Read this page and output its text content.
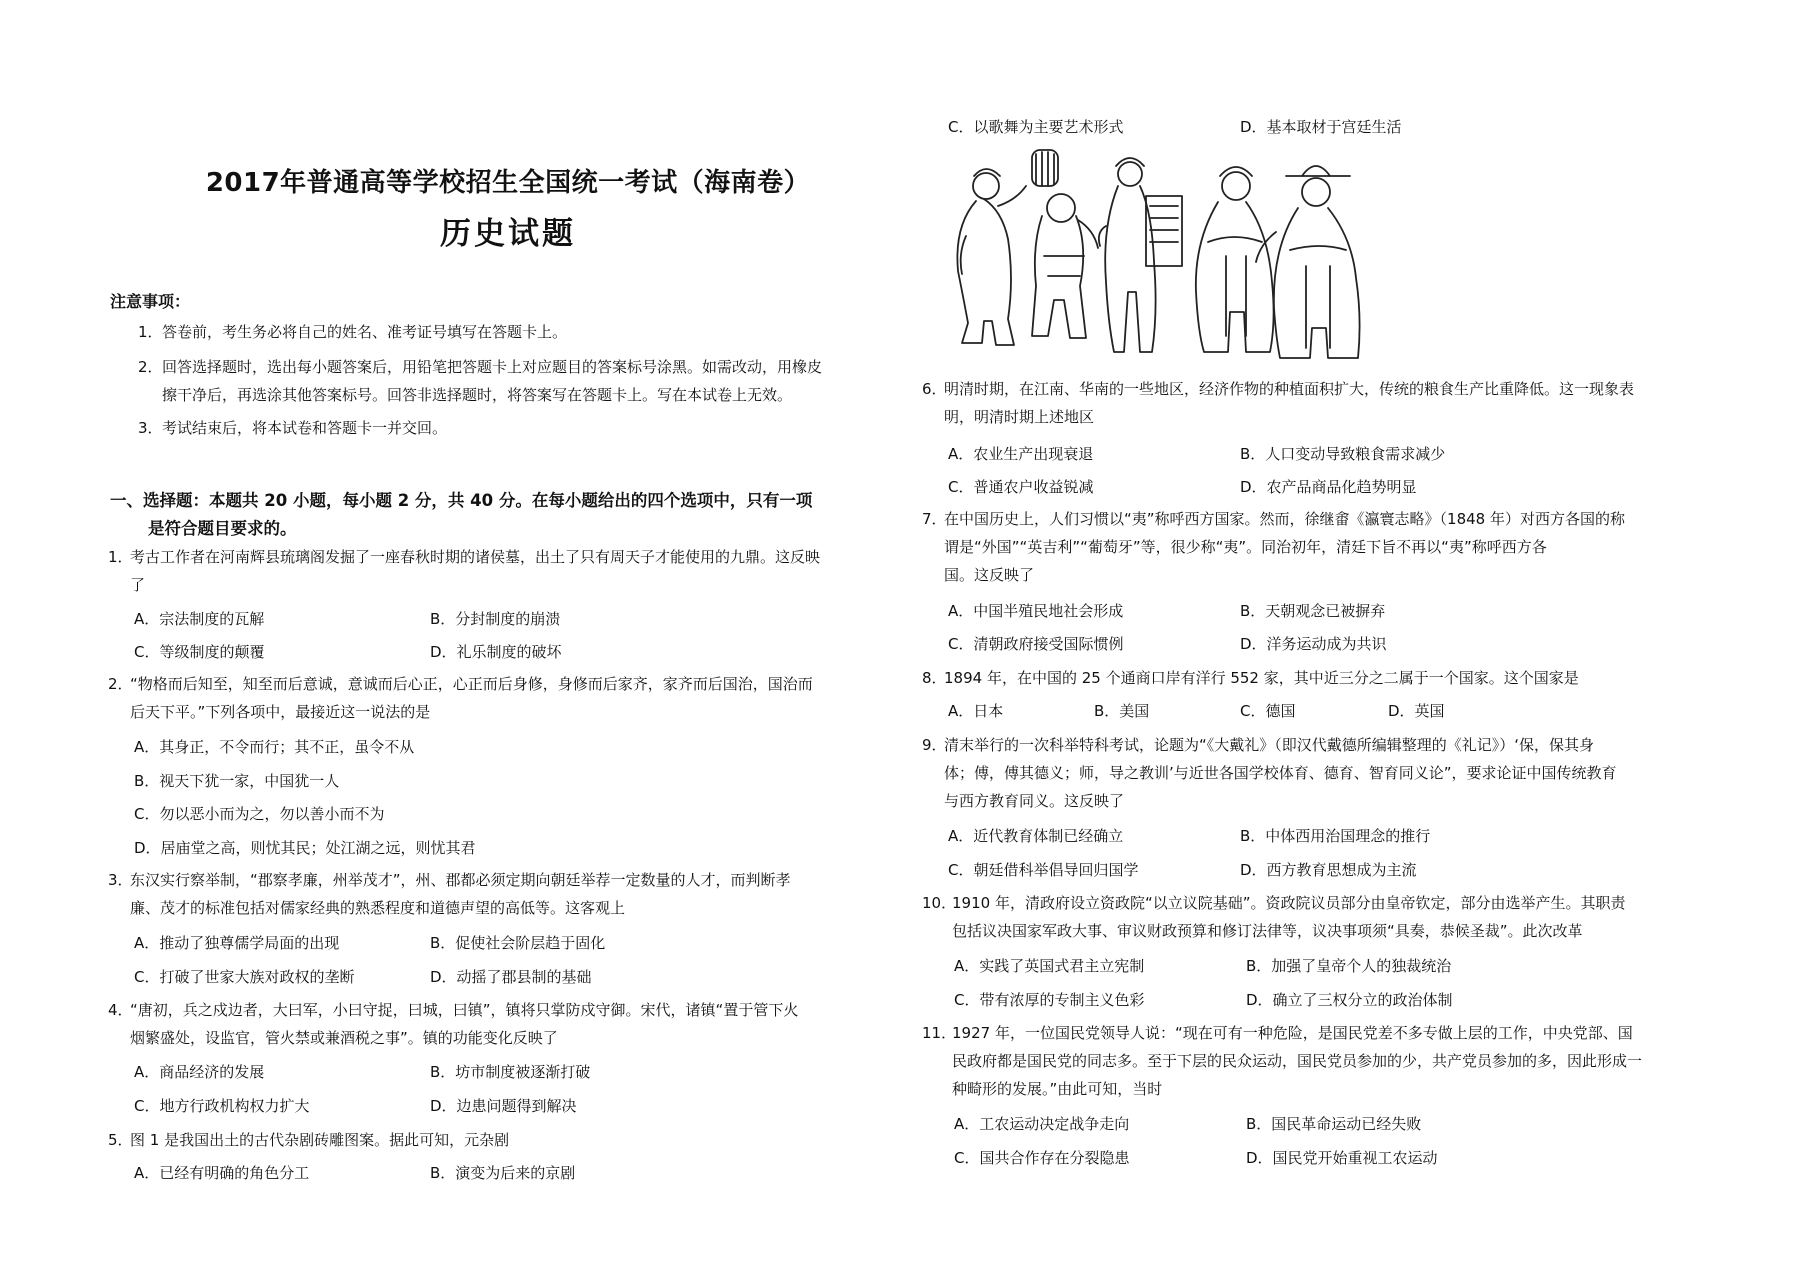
2017年普通高等学校招生全国统一考试（海南卷）
历史试题
注意事项：
1．答卷前，考生务必将自己的姓名、准考证号填写在答题卡上。
2．回答选择题时，选出每小题答案后，用铅笔把答题卡上对应题目的答案标号涂黑。如需改动，用橡皮
擦干净后，再选涂其他答案标号。回答非选择题时，将答案写在答题卡上。写在本试卷上无效。
3．考试结束后，将本试卷和答题卡一并交回。
一、选择题：本题共 20 小题，每小题 2 分，共 40 分。在每小题给出的四个选项中，只有一项
是符合题目要求的。
1．
考古工作者在河南辉县琉璃阁发掘了一座春秋时期的诸侯墓，出土了只有周天子才能使用的九鼎。这反映
了
A．宗法制度的瓦解	B．分封制度的崩溃
C．等级制度的颠覆	D．礼乐制度的破坏
2．
“物格而后知至，知至而后意诚，意诚而后心正，心正而后身修，身修而后家齐，家齐而后国治，国治而
后天下平。”下列各项中，最接近这一说法的是
A．其身正，不令而行；其不正，虽令不从
B．视天下犹一家，中国犹一人
C．勿以恶小而为之，勿以善小而不为
D．居庙堂之高，则忧其民；处江湖之远，则忧其君
3．
东汉实行察举制，“郡察孝廉，州举茂才”，州、郡都必须定期向朝廷举荐一定数量的人才，而判断孝
廉、茂才的标准包括对儒家经典的熟悉程度和道德声望的高低等。这客观上
A．推动了独尊儒学局面的出现	B．促使社会阶层趋于固化
C．打破了世家大族对政权的垄断	D．动摇了郡县制的基础
4．
“唐初，兵之戍边者，大曰军，小曰守捉，曰城，曰镇”，镇将只掌防戍守御。宋代，诸镇“置于管下火
烟繁盛处，设监官，管火禁或兼酒税之事”。镇的功能变化反映了
A．商品经济的发展	B．坊市制度被逐渐打破
C．地方行政机构权力扩大	D．边患问题得到解决
5．
图 1 是我国出土的古代杂剧砖雕图案。据此可知，元杂剧
A．已经有明确的角色分工	B．演变为后来的京剧
C．以歌舞为主要艺术形式	D．基本取材于宫廷生活
6．
明清时期，在江南、华南的一些地区，经济作物的种植面积扩大，传统的粮食生产比重降低。这一现象表
明，明清时期上述地区
A．农业生产出现衰退	B．人口变动导致粮食需求减少
C．普通农户收益锐减	D．农产品商品化趋势明显
7．
在中国历史上，人们习惯以“夷”称呼西方国家。然而，徐继畬《瀛寰志略》（1848 年）对西方各国的称
谓是“外国”“英吉利”“葡萄牙”等，很少称“夷”。同治初年，清廷下旨不再以“夷”称呼西方各
国。这反映了
A．中国半殖民地社会形成	B．天朝观念已被摒弃
C．清朝政府接受国际惯例	D．洋务运动成为共识
8．
1894 年，在中国的 25 个通商口岸有洋行 552 家，其中近三分之二属于一个国家。这个国家是
A．日本	B．美国	C．德国	D．英国
9．
清末举行的一次科举特科考试，论题为“《大戴礼》（即汉代戴德所编辑整理的《礼记》）‘保，保其身
体；傅，傅其德义；师，导之教训’与近世各国学校体育、德育、智育同义论”，要求论证中国传统教育
与西方教育同义。这反映了
A．近代教育体制已经确立	B．中体西用治国理念的推行
C．朝廷借科举倡导回归国学	D．西方教育思想成为主流
10．
1910 年，清政府设立资政院“以立议院基础”。资政院议员部分由皇帝钦定，部分由选举产生。其职责
包括议决国家军政大事、审议财政预算和修订法律等，议决事项须“具奏，恭候圣裁”。此次改革
A．实践了英国式君主立宪制	B．加强了皇帝个人的独裁统治
C．带有浓厚的专制主义色彩	D．确立了三权分立的政治体制
11．
1927 年，一位国民党领导人说：“现在可有一种危险，是国民党差不多专做上层的工作，中央党部、国
民政府都是国民党的同志多。至于下层的民众运动，国民党员参加的少，共产党员参加的多，因此形成一
种畸形的发展。”由此可知，当时
A．工农运动决定战争走向	B．国民革命运动已经失败
C．国共合作存在分裂隐患	D．国民党开始重视工农运动
